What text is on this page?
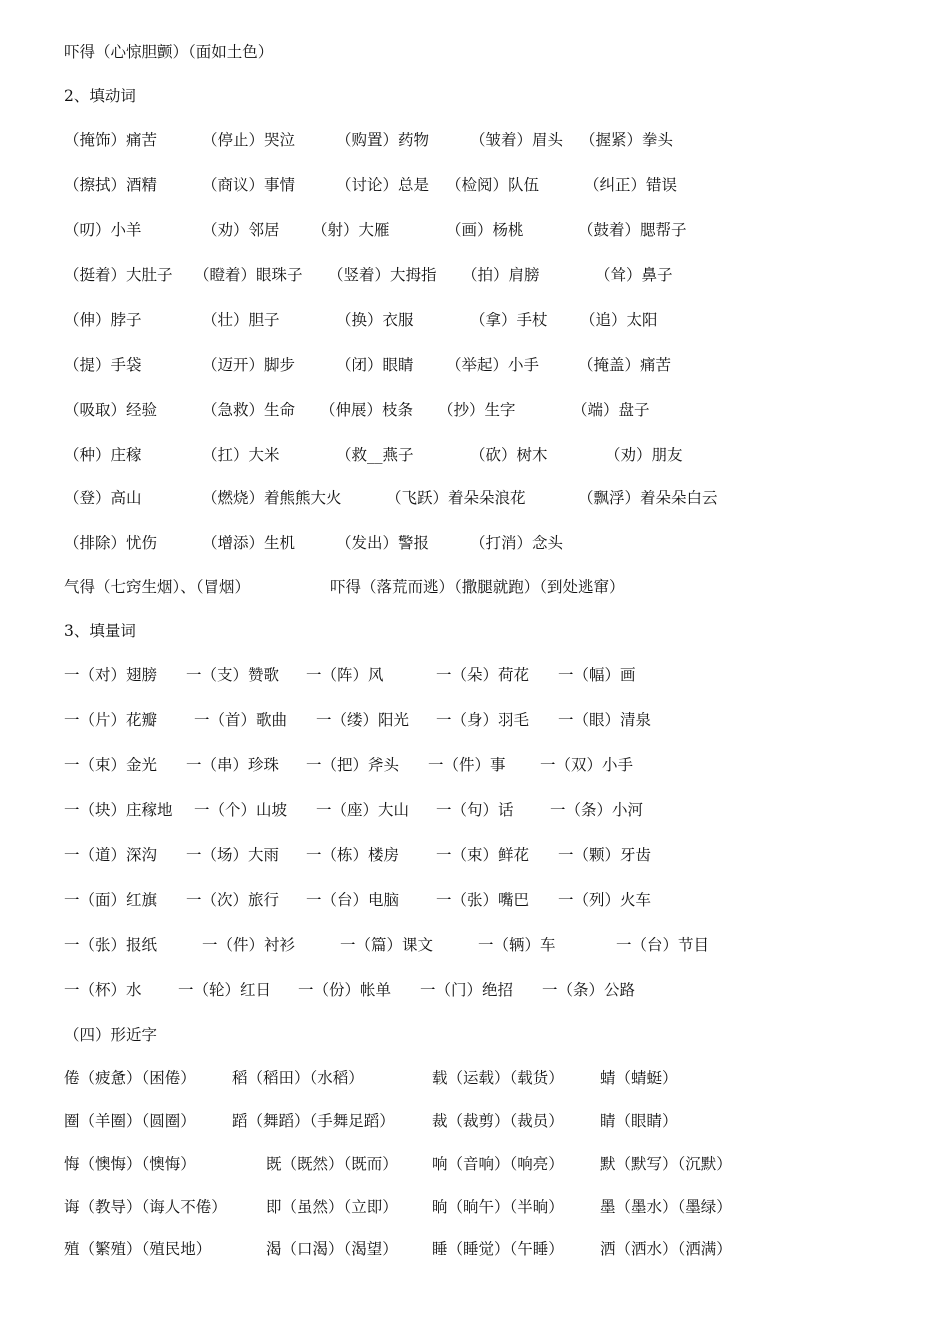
吓得（心惊胆颤）（面如土色）
2、填动词
（掩饰）痛苦	（停止）哭泣	（购置）药物	（皱着）眉头 （握紧）拳头
（擦拭）酒精	（商议）事情	（讨论）总是 （检阅）队伍	（纠正）错误
（叨）小羊	（劝）邻居 （射）大雁	（画）杨桃	（鼓着）腮帮子
（挺着）大肚子 （瞪着）眼珠子 （竖着）大拇指 （拍）肩膀	（耸）鼻子
（伸）脖子	（壮）胆子	（换）衣服	（拿）手杖 （追）太阳
（提）手袋	（迈开）脚步	（闭）眼睛 （举起）小手	（掩盖）痛苦
（吸取）经验	（急救）生命 （伸展）枝条 （抄）生字	（端）盘子
（种）庄稼	（扛）大米	（救__燕子	（砍）树木	（劝）朋友
（登）高山	（燃烧）着熊熊大火	（飞跃）着朵朵浪花	（飘浮）着朵朵白云
（排除）忧伤	（增添）生机	（发出）警报	（打消）念头
气得（七窍生烟）、（冒烟）	吓得（落荒而逃）（撒腿就跑）（到处逃窜）
3、填量词
一（对）翅膀 一（支）赞歌 一（阵）风	一（朵）荷花 一（幅）画
一（片）花瓣 一（首）歌曲 一（缕）阳光 一（身）羽毛 一（眼）清泉
一（束）金光 一（串）珍珠 一（把）斧头 一（件）事 一（双）小手
一（块）庄稼地 一（个）山坡 一（座）大山 一（句）话 一（条）小河
一（道）深沟 一（场）大雨 一（栋）楼房 一（束）鲜花 一（颗）牙齿
一（面）红旗 一（次）旅行 一（台）电脑 一（张）嘴巴 一（列）火车
一（张）报纸	一（件）衬衫	一（篇）课文	一（辆）车	一（台）节目
一（杯）水 一（轮）红日 一（份）帐单 一（门）绝招 一（条）公路
（四）形近字
倦（疲惫）（困倦） 稻（稻田）（水稻）	载（运载）（载货） 蜻（蜻蜓）
圈（羊圈）（圆圈） 蹈（舞蹈）（手舞足蹈） 裁（裁剪）（裁员） 睛（眼睛）
悔（懊悔）（懊悔）	既（既然）（既而） 响（音响）（响亮） 默（默写）（沉默）
诲（教导）（诲人不倦）	即（虽然）（立即） 晌（晌午）（半晌） 墨（墨水）（墨绿）
殖（繁殖）（殖民地）	渴（口渴）（渴望） 睡（睡觉）（午睡） 洒（洒水）（洒满）
